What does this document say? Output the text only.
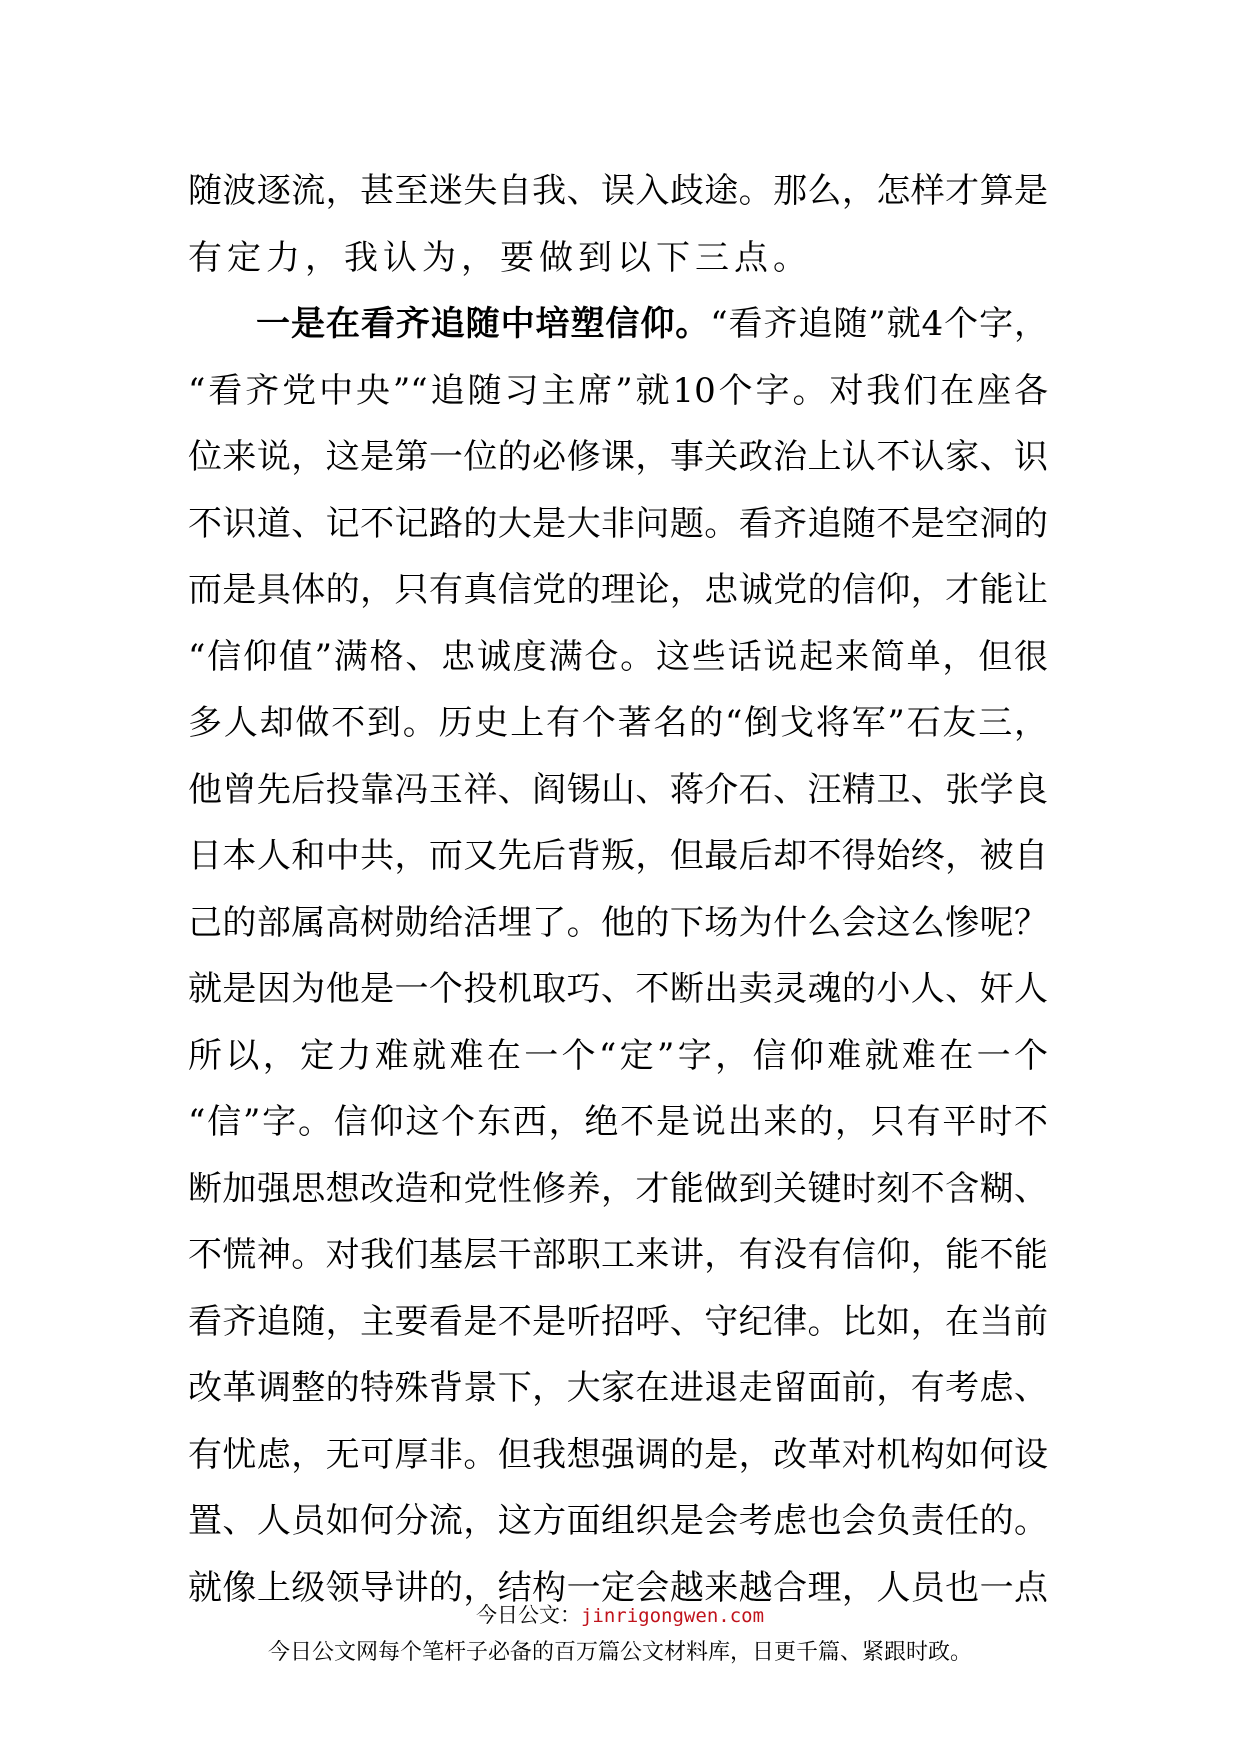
随波逐流，甚至迷失自我、误入歧途。那么，怎样才算是
有定力，我认为，要做到以下三点。
一是在看齐追随中培塑信仰。“看齐追随”就4个字，
“看齐党中央”“追随习主席”就10个字。对我们在座各
位来说，这是第一位的必修课，事关政治上认不认家、识
不识道、记不记路的大是大非问题。看齐追随不是空洞的
而是具体的，只有真信党的理论，忠诚党的信仰，才能让
“信仰值”满格、忠诚度满仓。这些话说起来简单，但很
多人却做不到。历史上有个著名的“倒戈将军”石友三，
他曾先后投靠冯玉祥、阎锡山、蒋介石、汪精卫、张学良
日本人和中共，而又先后背叛，但最后却不得始终，被自
己的部属高树勋给活埋了。他的下场为什么会这么惨呢？
就是因为他是一个投机取巧、不断出卖灵魂的小人、奸人
所以，定力难就难在一个“定”字，信仰难就难在一个
“信”字。信仰这个东西，绝不是说出来的，只有平时不
断加强思想改造和党性修养，才能做到关键时刻不含糊、
不慌神。对我们基层干部职工来讲，有没有信仰，能不能
看齐追随，主要看是不是听招呼、守纪律。比如，在当前
改革调整的特殊背景下，大家在进退走留面前，有考虑、
有忧虑，无可厚非。但我想强调的是，改革对机构如何设
置、人员如何分流，这方面组织是会考虑也会负责任的。
就像上级领导讲的，结构一定会越来越合理，人员也一点
今日公文：jinrigongwen.com
今日公文网每个笔杆子必备的百万篇公文材料库，日更千篇、紧跟时政。
